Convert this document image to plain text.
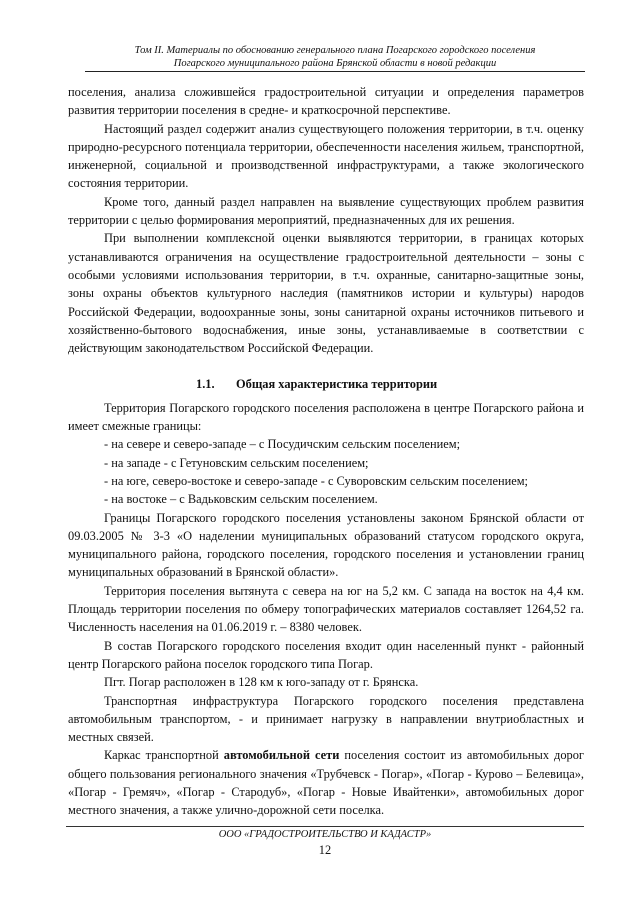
Том II. Материалы по обоснованию генерального плана Погарского городского поселения
Погарского муниципального района Брянской области в новой редакции

поселения, анализа сложившейся градостроительной ситуации и определения параметров развития территории поселения в средне- и краткосрочной перспективе.

Настоящий раздел содержит анализ существующего положения территории, в т.ч. оценку природно-ресурсного потенциала территории, обеспеченности населения жильем, транспортной, инженерной, социальной и производственной инфраструктурами, а также экологического состояния территории.

Кроме того, данный раздел направлен на выявление существующих проблем развития территории с целью формирования мероприятий, предназначенных для их решения.

При выполнении комплексной оценки выявляются территории, в границах которых устанавливаются ограничения на осуществление градостроительной деятельности – зоны с особыми условиями использования территории, в т.ч. охранные, санитарно-защитные зоны, зоны охраны объектов культурного наследия (памятников истории и культуры) народов Российской Федерации, водоохранные зоны, зоны санитарной охраны источников питьевого и хозяйственно-бытового водоснабжения, иные зоны, устанавливаемые в соответствии с действующим законодательством Российской Федерации.

1.1. Общая характеристика территории

Территория Погарского городского поселения расположена в центре Погарского района и имеет смежные границы:

- на севере и северо-западе – с Посудичским сельским поселением;

- на западе - с Гетуновским сельским поселением;

- на юге, северо-востоке и северо-западе - с Суворовским сельским поселением;

- на востоке – с Вадьковским сельским поселением.

Границы Погарского городского поселения установлены законом Брянской области от 09.03.2005 № 3-3 «О наделении муниципальных образований статусом городского округа, муниципального района, городского поселения, городского поселения и установлении границ муниципальных образований в Брянской области».

Территория поселения вытянута с севера на юг на 5,2 км. С запада на восток на 4,4 км. Площадь территории поселения по обмеру топографических материалов составляет 1264,52 га. Численность населения на 01.06.2019 г. – 8380 человек.

В состав Погарского городского поселения входит один населенный пункт - районный центр Погарского района поселок городского типа Погар.

Пгт. Погар расположен в 128 км к юго-западу от г. Брянска.

Транспортная инфраструктура Погарского городского поселения представлена автомобильным транспортом, - и принимает нагрузку в направлении внутриобластных и местных связей.

Каркас транспортной автомобильной сети поселения состоит из автомобильных дорог общего пользования регионального значения «Трубчевск - Погар», «Погар - Курово – Белевица», «Погар - Гремяч», «Погар - Стародуб», «Погар - Новые Ивайтенки», автомобильных дорог местного значения, а также улично-дорожной сети поселка.

ООО «ГРАДОСТРОИТЕЛЬСТВО И КАДАСТР»
12
